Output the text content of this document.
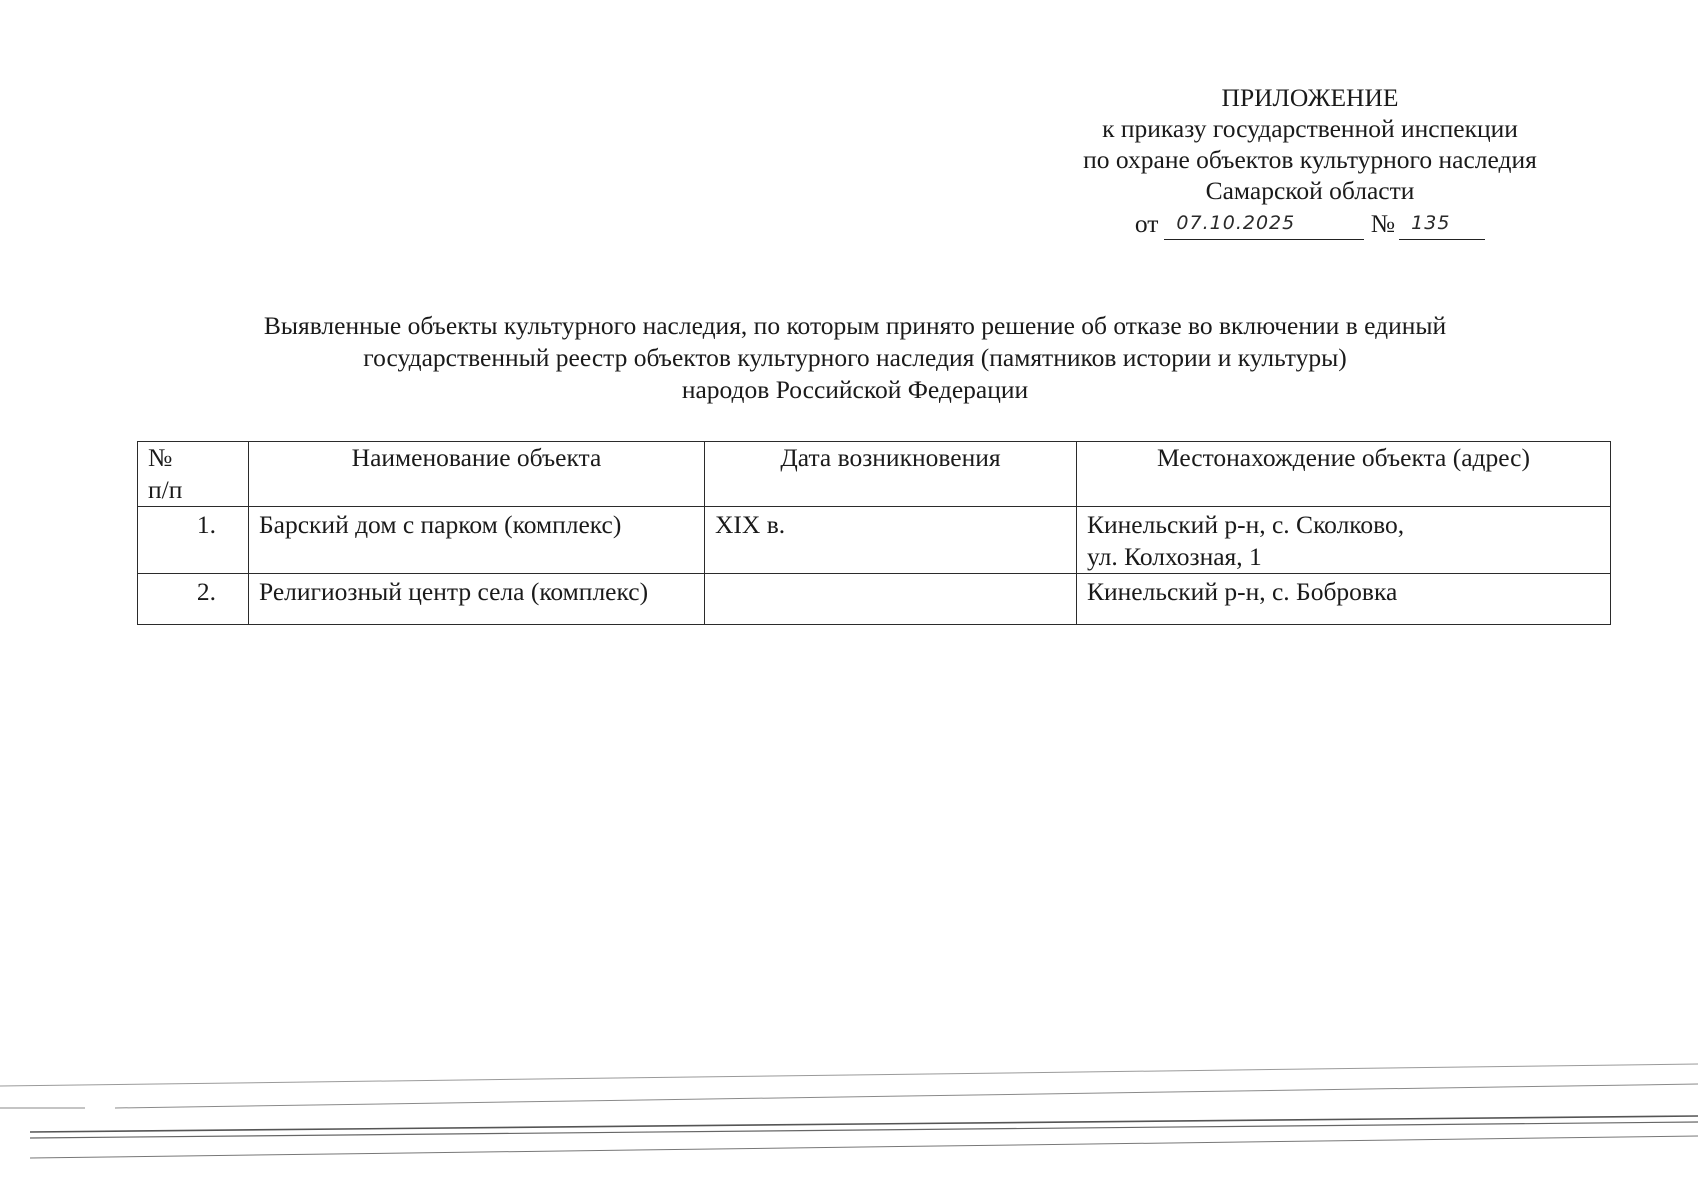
ПРИЛОЖЕНИЕ
к приказу государственной инспекции
по охране объектов культурного наследия
Самарской области
от 07.10.2025	№ 135
Выявленные объекты культурного наследия, по которым принято решение об отказе во включении в единый
государственный реестр объектов культурного наследия (памятников истории и культуры)
народов Российской Федерации
№
п/п	Наименование объекта	Дата возникновения	Местонахождение объекта (адрес)
1.	Барский дом с парком (комплекс)	XIX в.	Кинельский р-н, с. Сколково,
ул. Колхозная, 1

2.	Религиозный центр села (комплекс)		Кинельский р-н, с. Бобровка
